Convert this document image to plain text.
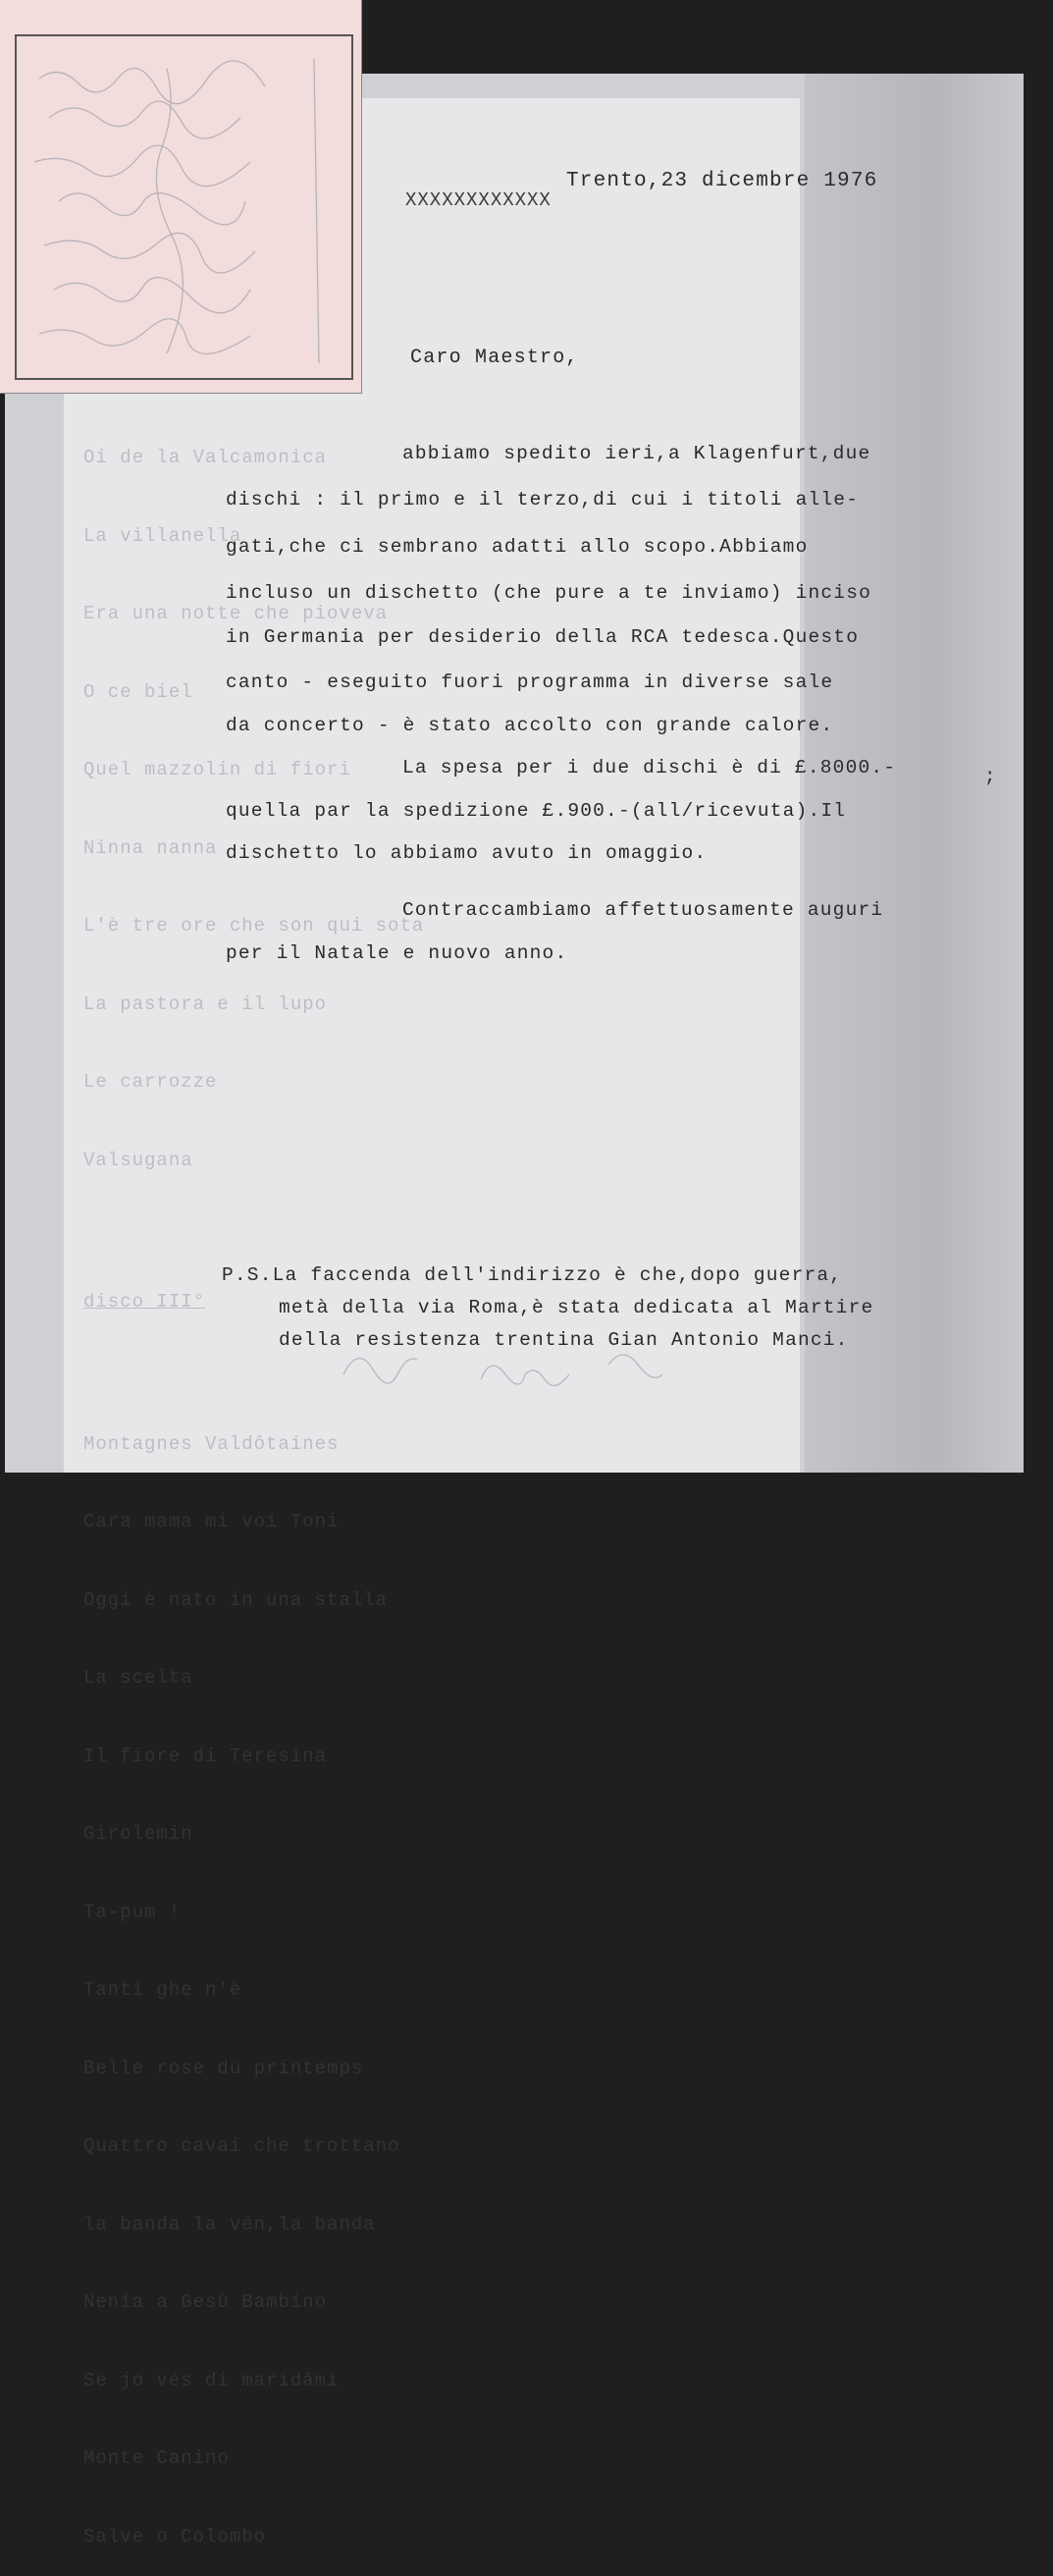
Oi de la Valcamonica

La villanella

Era una notte che pioveva

O ce biel

Quel mazzolin di fiori

Ninna nanna

L'è tre ore che son qui sota

La pastora e il lupo

Le carrozze

Valsugana

disco III°

Montagnes Valdôtaines

Cara mama mi voi Toni

Oggi è nato in una stalla

La scelta

Il fiore di Teresina

Girolemin

Ta-pum !

Tanti ghe n'è

Belle rose du printemps

Quattro cavai che trottano

la banda la vén,la banda

Nenia a Gesù Bambino

Se jo vés di maridâmi

Monte Canino

Salve o Colombo

XXXXXXXXXXXX
Trento,23 dicembre 1976
Caro Maestro,
abbiamo spedito ieri,a Klagenfurt,due
dischi : il primo e il terzo,di cui i titoli alle-
gati,che ci sembrano adatti allo scopo.Abbiamo
incluso un dischetto (che pure a te inviamo) inciso
in Germania per desiderio della RCA tedesca.Questo
canto - eseguito fuori programma in diverse sale
da concerto - è stato accolto con grande calore.
La spesa per i due dischi è di £.8000.-	;
quella par la spedizione £.900.-(all/ricevuta).Il
dischetto lo abbiamo avuto in omaggio.
Contraccambiamo affettuosamente auguri
per il Natale e nuovo anno.
P.S.La faccenda dell'indirizzo è che,dopo guerra,
metà della via Roma,è stata dedicata al Martire
della resistenza trentina Gian Antonio Manci.
